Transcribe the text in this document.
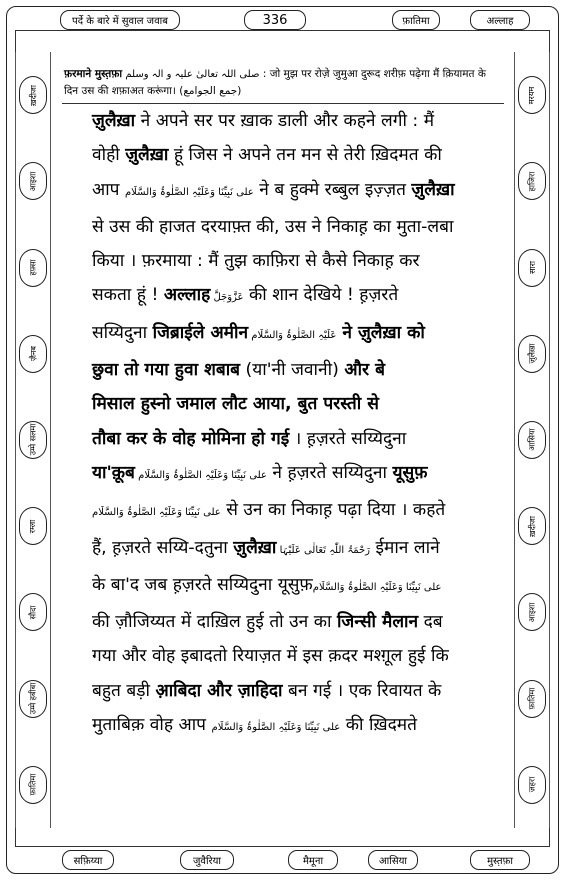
पर्दे के बारे में सुवाल जवाब	336	फ़ातिमा	अल्लाह
ख़दीजा
आइशा
हफ़्सा
ज़ैनब
उम्मे सलमा
रम्ला
सौदा
उम्मे हबीबा
फ़ातिमा
मरयम
हाजिरा
सारा
ज़ुलैख़ा
आसिया
ख़दीजा
आइशा
फ़ातिमा
ज़हरा
फ़रमाने मुस्त़फ़ा صلی اللہ تعالیٰ علیہ و الہ وسلم : जो मुझ पर रोज़े जुमुआ दुरूद शरीफ़ पढ़ेगा मैं क़ियामत के दिन उस की शफ़ाअत करूंगा। (جمع الجوامع)
ज़ुलैख़ा ने अपने सर पर ख़ाक डाली और कहने लगी : मैं
वोही ज़ुलैख़ा हूं जिस ने अपने तन मन से तेरी ख़िदमत की
आप علی نَبِیِّنَا وَعَلَیْہِ الصَّلٰوۃُ وَالسَّلَام ने ब हुक्मे रब्बुल इज़्ज़त ज़ुलैख़ा
से उस की हाजत दरयाफ़्त की, उस ने निकाह़ का मुता-लबा
किया । फ़रमाया : मैं तुझ काफ़िरा से कैसे निकाह़ कर
सकता हूं ! अल्लाह عَزَّوَجَلَّ की शान देखिये ! ह़ज़रते
सय्यिदुना जिब्राईले अमीन عَلَیْہِ الصَّلٰوۃُ وَالسَّلَام ने ज़ुलैख़ा को
छुवा तो गया हुवा शबाब (या'नी जवानी) और बे
मिसाल हुस्नो जमाल लौट आया, बुत परस्ती से
तौबा कर के वोह मोमिना हो गई । ह़ज़रते सय्यिदुना
या'क़ूब علی نَبِیِّنَا وَعَلَیْہِ الصَّلٰوۃُ وَالسَّلَام ने ह़ज़रते सय्यिदुना यूसुफ़
علی نَبِیِّنَا وَعَلَیْہِ الصَّلٰوۃُ وَالسَّلَام से उन का निकाह़ पढ़ा दिया । कहते
हैं, ह़ज़रते सय्यि-दतुना ज़ुलैख़ा رَحْمَۃُ اللّٰہِ تَعَالٰی عَلَیْہَا ईमान लाने
के बा'द जब ह़ज़रते सय्यिदुना यूसुफ़علی نَبِیِّنَا وَعَلَیْہِ الصَّلٰوۃُ وَالسَّلَام
की ज़ौजिय्यत में दाख़िल हुई तो उन का जिन्सी मैलान दब
गया और वोह इबादतो रियाज़त में इस क़दर मश्ग़ूल हुई कि
बहुत बड़ी आ़बिदा और ज़ाहिदा बन गई । एक रिवायत के
मुताबिक़ वोह आप علی نَبِیِّنَا وَعَلَیْہِ الصَّلٰوۃُ وَالسَّلَام की ख़िदमते
सफ़िय्या	जुवैरिया	मैमूना	आसिया	मुस्त़फ़ा
